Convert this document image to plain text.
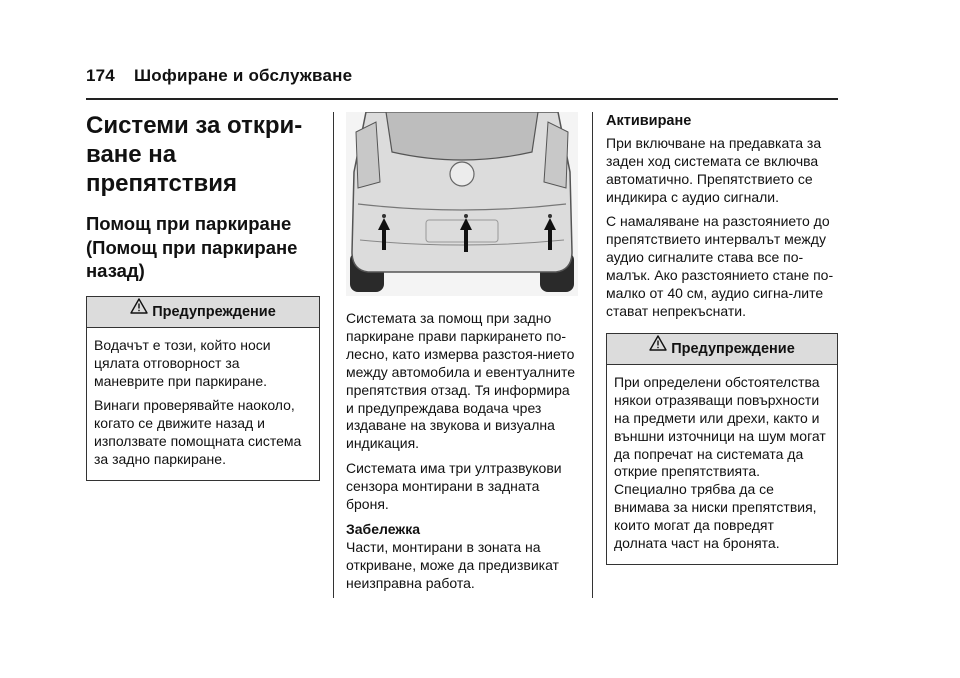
174 Шофиране и обслужване
Системи за откри-
ване на препятствия
Помощ при паркиране
(Помощ при паркиране
назад)
Предупреждение

Водачът е този, който носи цялата отговорност за маневрите при паркиране.

Винаги проверявайте наоколо, когато се движите назад и използвате помощната система за задно паркиране.

Системата за помощ при задно паркиране прави паркирането по-лесно, като измерва разстоя-нието между автомобила и евентуалните препятствия отзад. Тя информира и предупреждава водача чрез издаване на звукова и визуална индикация.

Системата има три ултразвукови сензора монтирани в задната броня.

Забележка

Части, монтирани в зоната на откриване, може да предизвикат неизправна работа.

Активиране

При включване на предавката за заден ход системата се включва автоматично. Препятствието се индикира с аудио сигнали.

С намаляване на разстоянието до препятствието интервалът между аудио сигналите става все по-малък. Ако разстоянието стане по-малко от 40 см, аудио сигна-лите стават непрекъснати.

Предупреждение

При определени обстоятелства някои отразяващи повърхности на предмети или дрехи, както и външни източници на шум могат да попречат на системата да открие препятствията. Специално трябва да се внимава за ниски препятствия, които могат да повредят долната част на бронята.
